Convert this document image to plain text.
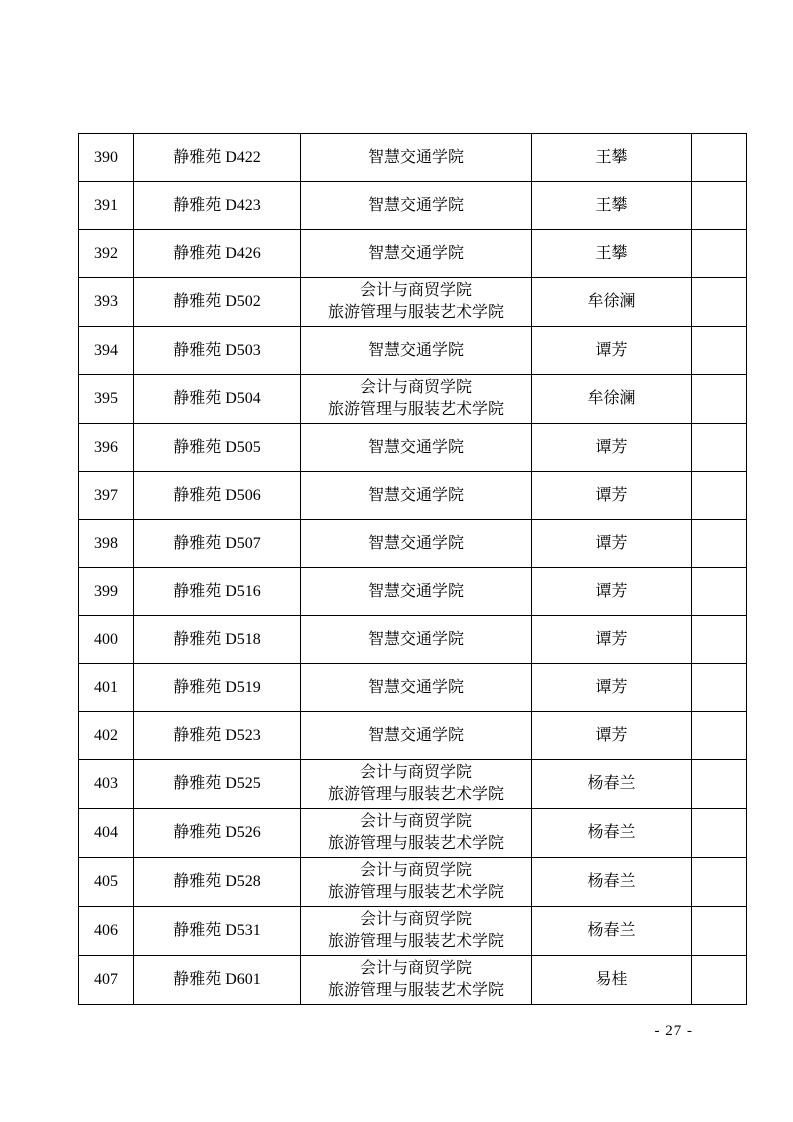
390	静雅苑 D422	智慧交通学院	王攀	
391	静雅苑 D423	智慧交通学院	王攀	
392	静雅苑 D426	智慧交通学院	王攀	
393	静雅苑 D502	会计与商贸学院
旅游管理与服装艺术学院	牟徐澜	
394	静雅苑 D503	智慧交通学院	谭芳	
395	静雅苑 D504	会计与商贸学院
旅游管理与服装艺术学院	牟徐澜	
396	静雅苑 D505	智慧交通学院	谭芳	
397	静雅苑 D506	智慧交通学院	谭芳	
398	静雅苑 D507	智慧交通学院	谭芳	
399	静雅苑 D516	智慧交通学院	谭芳	
400	静雅苑 D518	智慧交通学院	谭芳	
401	静雅苑 D519	智慧交通学院	谭芳	
402	静雅苑 D523	智慧交通学院	谭芳	
403	静雅苑 D525	会计与商贸学院
旅游管理与服装艺术学院	杨春兰	
404	静雅苑 D526	会计与商贸学院
旅游管理与服装艺术学院	杨春兰	
405	静雅苑 D528	会计与商贸学院
旅游管理与服装艺术学院	杨春兰	
406	静雅苑 D531	会计与商贸学院
旅游管理与服装艺术学院	杨春兰	
407	静雅苑 D601	会计与商贸学院
旅游管理与服装艺术学院	易桂	
- 27 -
